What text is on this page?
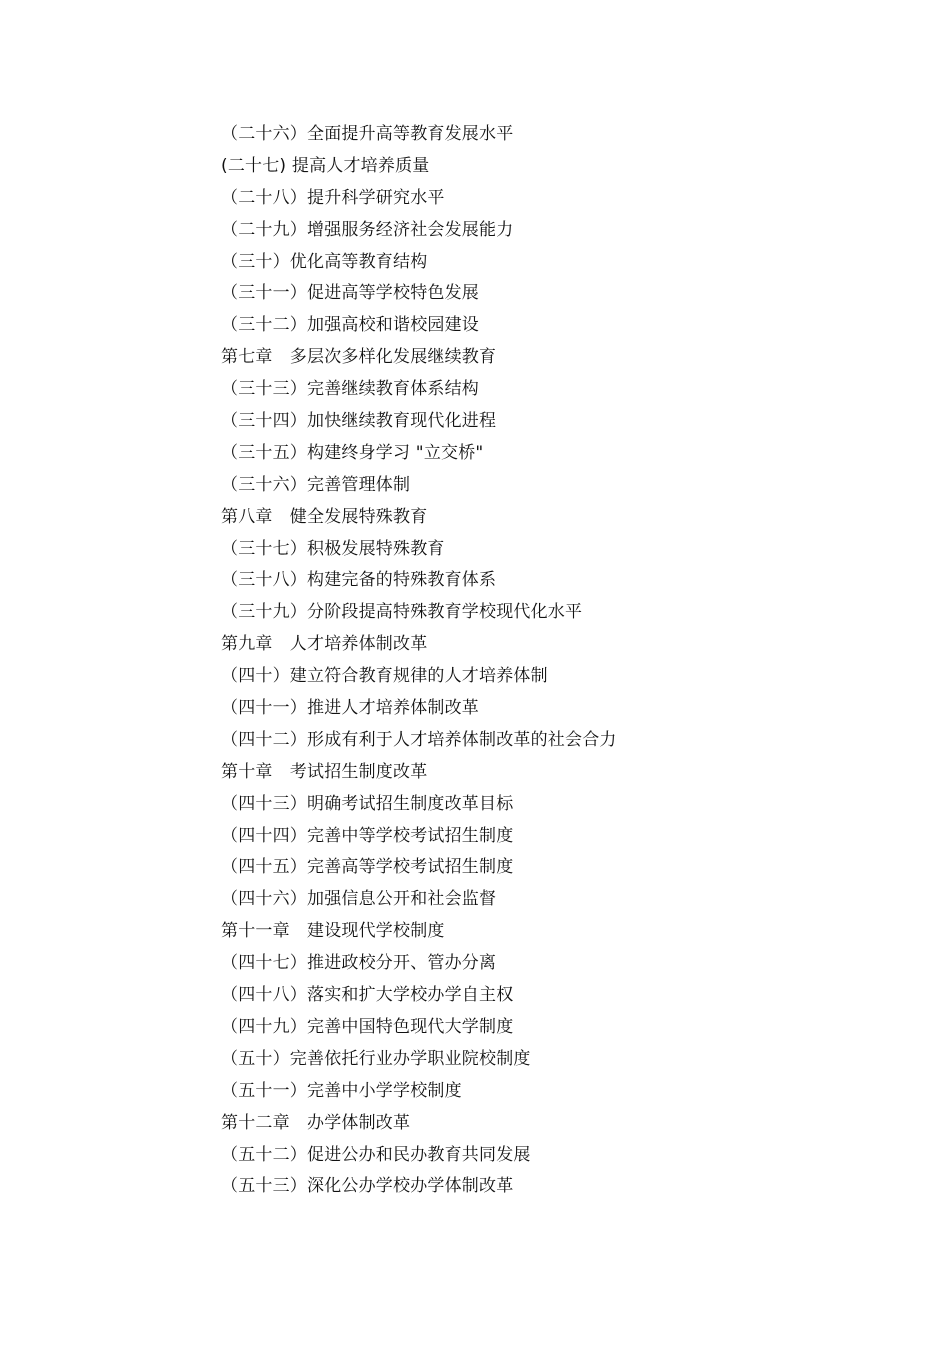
（二十六）全面提升高等教育发展水平
(二十七) 提高人才培养质量
（二十八）提升科学研究水平
（二十九）增强服务经济社会发展能力
（三十）优化高等教育结构
（三十一）促进高等学校特色发展
（三十二）加强高校和谐校园建设
第七章　多层次多样化发展继续教育
（三十三）完善继续教育体系结构
（三十四）加快继续教育现代化进程
（三十五）构建终身学习 "立交桥"
（三十六）完善管理体制
第八章　健全发展特殊教育
（三十七）积极发展特殊教育
（三十八）构建完备的特殊教育体系
（三十九）分阶段提高特殊教育学校现代化水平
第九章　人才培养体制改革
（四十）建立符合教育规律的人才培养体制
（四十一）推进人才培养体制改革
（四十二）形成有利于人才培养体制改革的社会合力
第十章　考试招生制度改革
（四十三）明确考试招生制度改革目标
（四十四）完善中等学校考试招生制度
（四十五）完善高等学校考试招生制度
（四十六）加强信息公开和社会监督
第十一章　建设现代学校制度
（四十七）推进政校分开、管办分离
（四十八）落实和扩大学校办学自主权
（四十九）完善中国特色现代大学制度
（五十）完善依托行业办学职业院校制度
（五十一）完善中小学学校制度
第十二章　办学体制改革
（五十二）促进公办和民办教育共同发展
（五十三）深化公办学校办学体制改革
